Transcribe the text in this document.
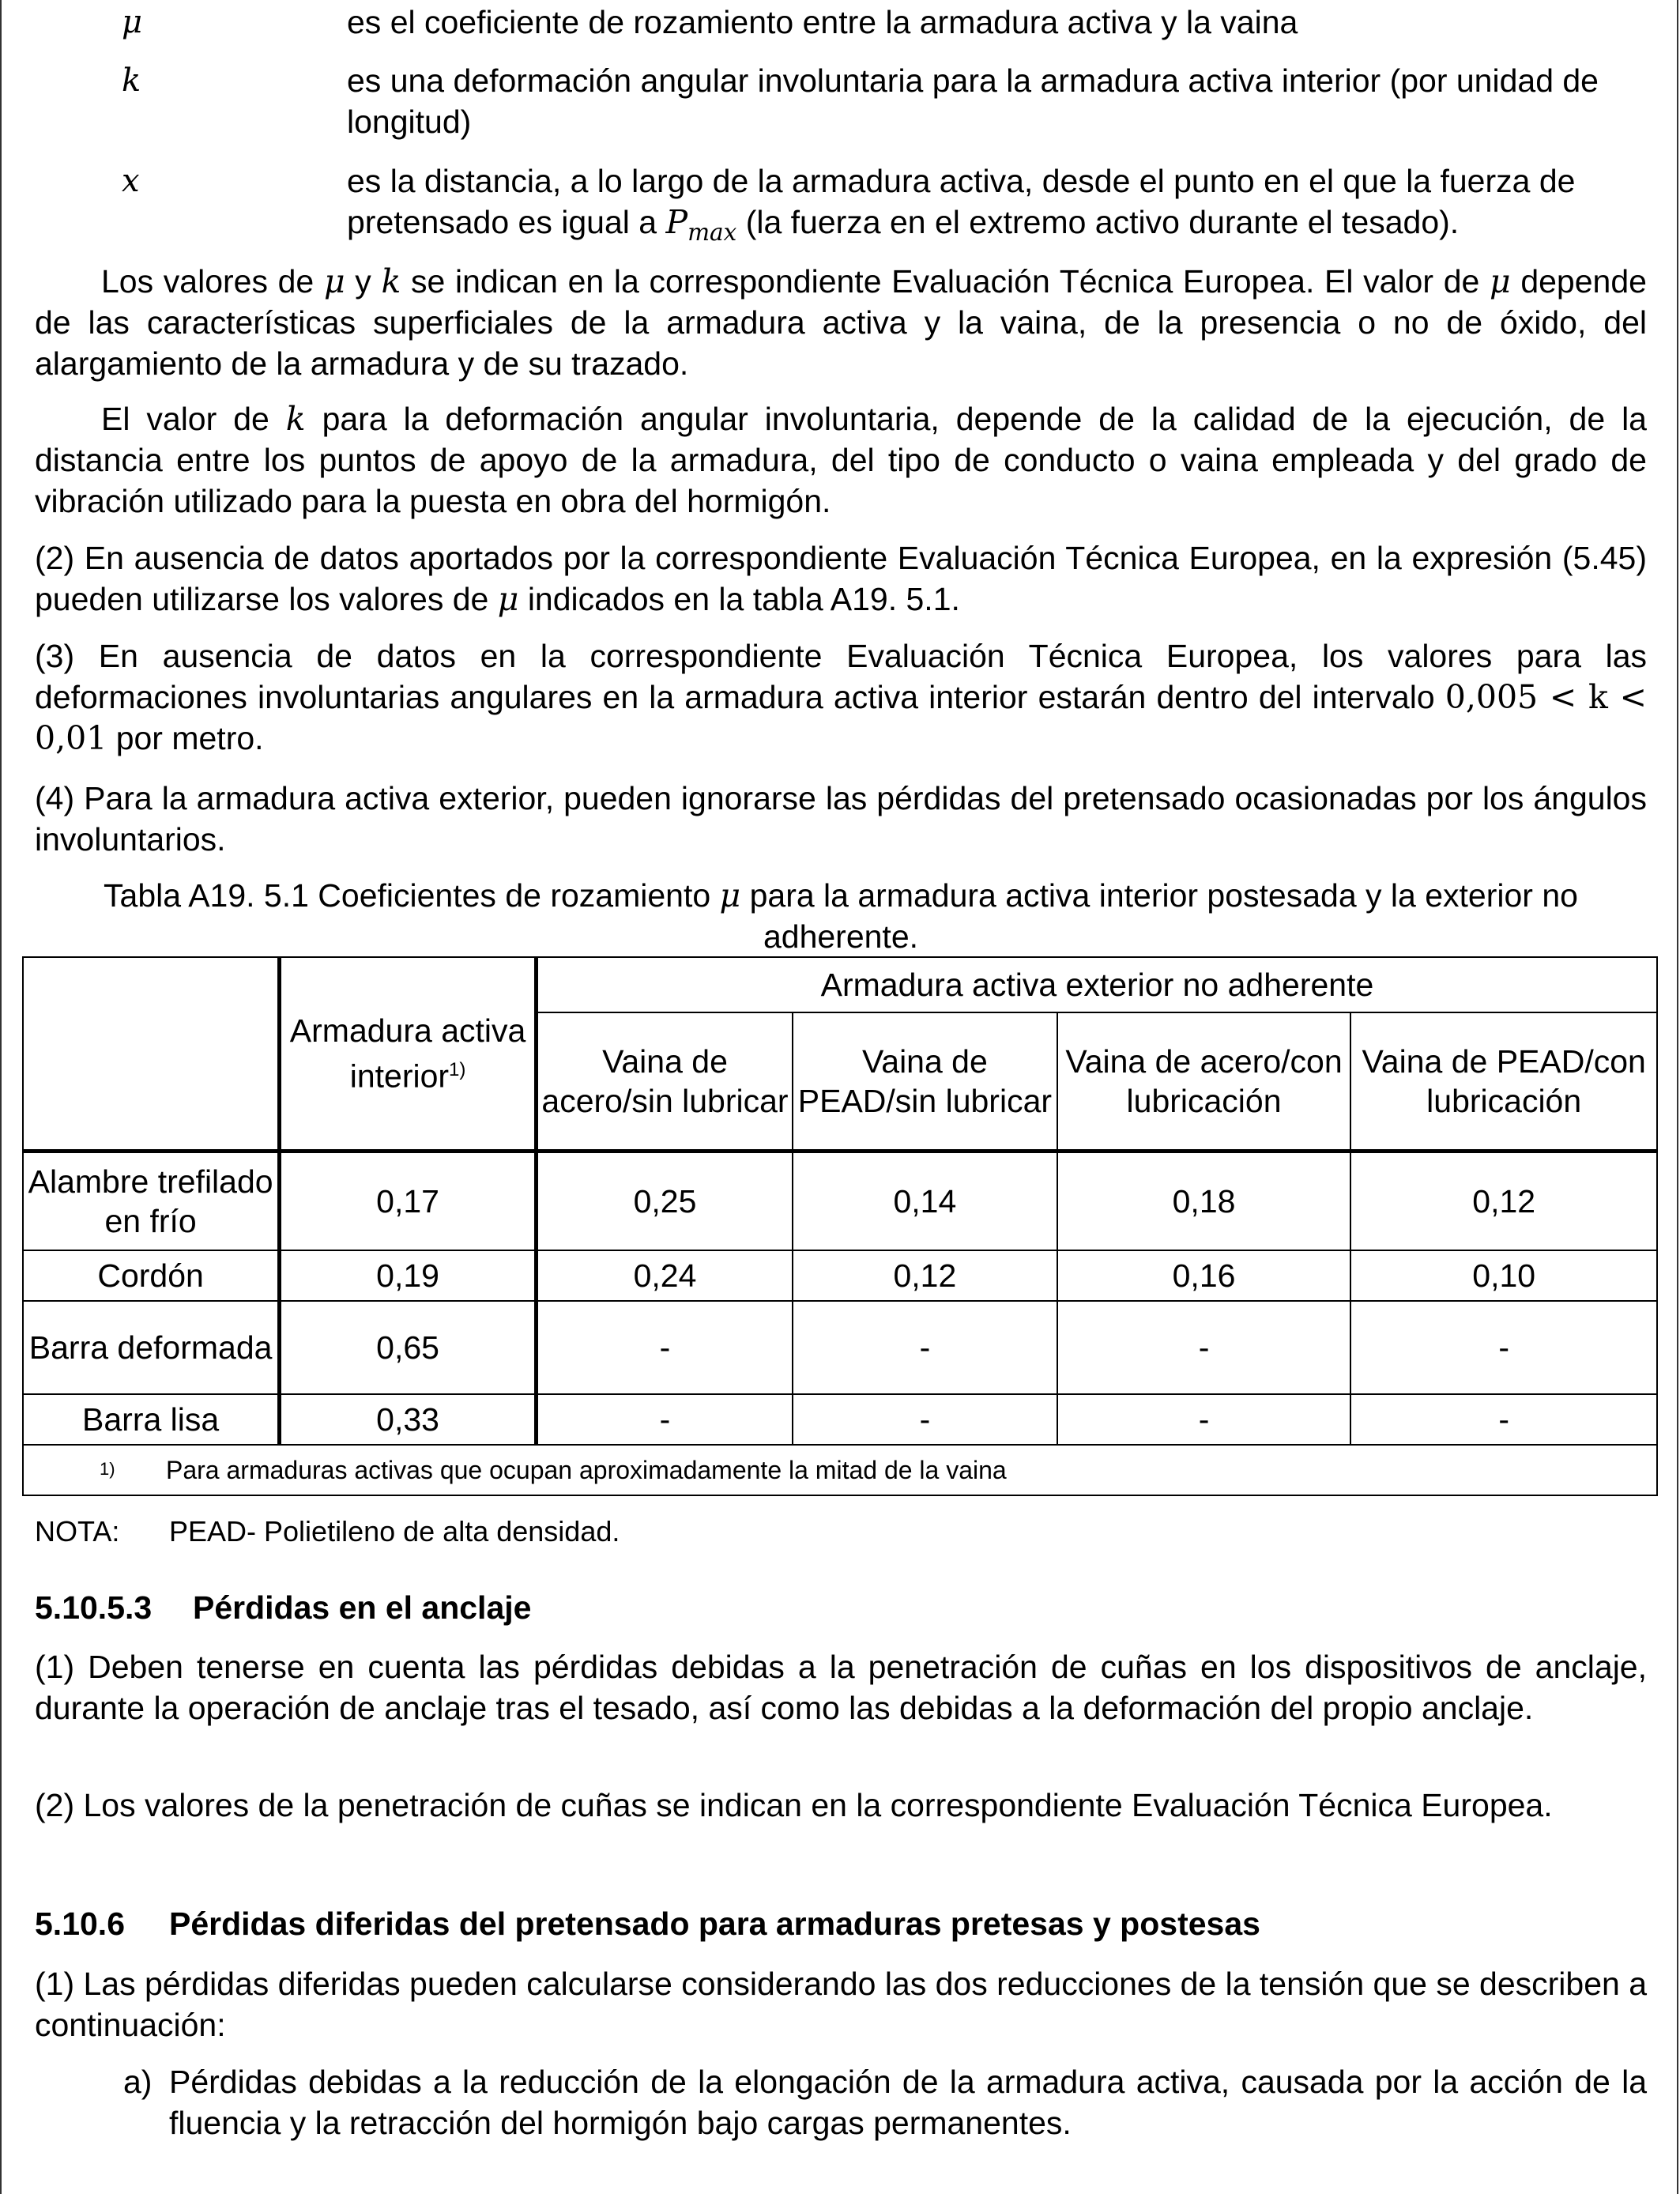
μ	es el coeficiente de rozamiento entre la armadura activa y la vaina
k	es una deformación angular involuntaria para la armadura activa interior (por unidad de longitud)
x	es la distancia, a lo largo de la armadura activa, desde el punto en el que la fuerza de pretensado es igual a $P_{max}$ (la fuerza en el extremo activo durante el tesado).
Los valores de μ y k se indican en la correspondiente Evaluación Técnica Europea. El valor de μ depende de las características superficiales de la armadura activa y la vaina, de la presencia o no de óxido, del alargamiento de la armadura y de su trazado.
El valor de k para la deformación angular involuntaria, depende de la calidad de la ejecución, de la distancia entre los puntos de apoyo de la armadura, del tipo de conducto o vaina empleada y del grado de vibración utilizado para la puesta en obra del hormigón.
(2) En ausencia de datos aportados por la correspondiente Evaluación Técnica Europea, en la expresión (5.45) pueden utilizarse los valores de μ indicados en la tabla A19. 5.1.
(3) En ausencia de datos en la correspondiente Evaluación Técnica Europea, los valores para las deformaciones involuntarias angulares en la armadura activa interior estarán dentro del intervalo 0,005 < k < 0,01 por metro.
(4) Para la armadura activa exterior, pueden ignorarse las pérdidas del pretensado ocasionadas por los ángulos involuntarios.
Tabla A19. 5.1 Coeficientes de rozamiento μ para la armadura activa interior postesada y la exterior no adherente.
	Armadura activa interior$^{1)}$	Armadura activa exterior no adherente			
		Vaina de acero/sin lubricar	Vaina de PEAD/sin lubricar	Vaina de acero/con lubricación	Vaina de PEAD/con lubricación
Alambre trefilado en frío	0,17	0,25	0,14	0,18	0,12
Cordón	0,19	0,24	0,12	0,16	0,10
Barra deformada	0,65	-	-	-	-
Barra lisa	0,33	-	-	-	-

1) Para armaduras activas que ocupan aproximadamente la mitad de la vaina					
NOTA: PEAD- Polietileno de alta densidad.
5.10.5.3 Pérdidas en el anclaje
(1) Deben tenerse en cuenta las pérdidas debidas a la penetración de cuñas en los dispositivos de anclaje, durante la operación de anclaje tras el tesado, así como las debidas a la deformación del propio anclaje.
(2) Los valores de la penetración de cuñas se indican en la correspondiente Evaluación Técnica Europea.
5.10.6 Pérdidas diferidas del pretensado para armaduras pretesas y postesas
(1) Las pérdidas diferidas pueden calcularse considerando las dos reducciones de la tensión que se describen a continuación:
a) Pérdidas debidas a la reducción de la elongación de la armadura activa, causada por la acción de la fluencia y la retracción del hormigón bajo cargas permanentes.
